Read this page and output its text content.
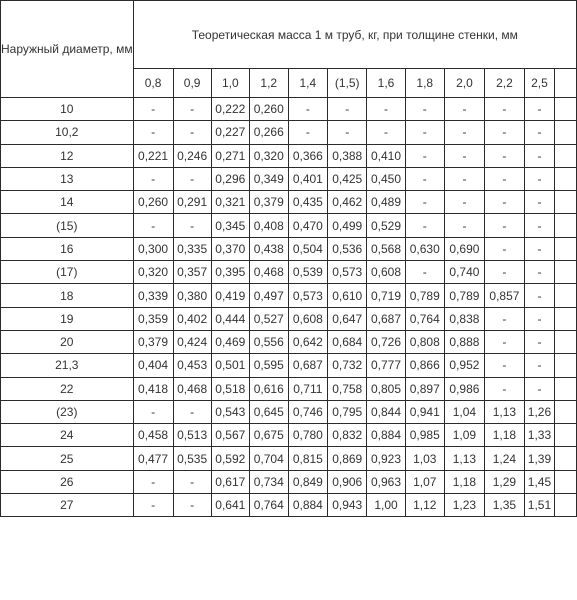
Наружный диаметр, мм	Теоретическая масса 1 м труб, кг, при толщине стенки, мм											
	0,8	0,9	1,0	1,2	1,4	(1,5)	1,6	1,8	2,0	2,2	2,5	
10	-	-	0,222	0,260	-	-	-	-	-	-	-	
10,2	-	-	0,227	0,266	-	-	-	-	-	-	-	
12	0,221	0,246	0,271	0,320	0,366	0,388	0,410	-	-	-	-	
13	-	-	0,296	0,349	0,401	0,425	0,450	-	-	-	-	
14	0,260	0,291	0,321	0,379	0,435	0,462	0,489	-	-	-	-	
(15)	-	-	0,345	0,408	0,470	0,499	0,529	-	-	-	-	
16	0,300	0,335	0,370	0,438	0,504	0,536	0,568	0,630	0,690	-	-	
(17)	0,320	0,357	0,395	0,468	0,539	0,573	0,608	-	0,740	-	-	
18	0,339	0,380	0,419	0,497	0,573	0,610	0,719	0,789	0,789	0,857	-	
19	0,359	0,402	0,444	0,527	0,608	0,647	0,687	0,764	0,838	-	-	
20	0,379	0,424	0,469	0,556	0,642	0,684	0,726	0,808	0,888	-	-	
21,3	0,404	0,453	0,501	0,595	0,687	0,732	0,777	0,866	0,952	-	-	
22	0,418	0,468	0,518	0,616	0,711	0,758	0,805	0,897	0,986	-	-	
(23)	-	-	0,543	0,645	0,746	0,795	0,844	0,941	1,04	1,13	1,26	
24	0,458	0,513	0,567	0,675	0,780	0,832	0,884	0,985	1,09	1,18	1,33	
25	0,477	0,535	0,592	0,704	0,815	0,869	0,923	1,03	1,13	1,24	1,39	
26	-	-	0,617	0,734	0,849	0,906	0,963	1,07	1,18	1,29	1,45	
27	-	-	0,641	0,764	0,884	0,943	1,00	1,12	1,23	1,35	1,51	
